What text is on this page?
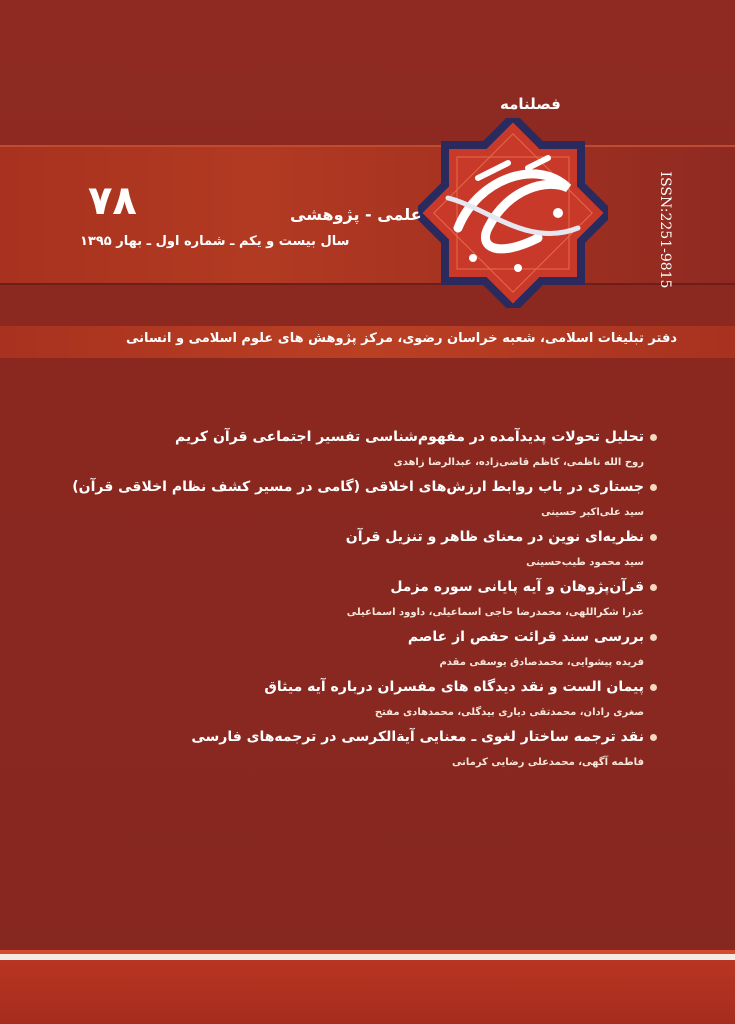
فصلنامه
علمی - پژوهشی
۷۸
سال بیست و یکم ـ شماره اول ـ بهار ۱۳۹۵	ISSN:2251-9815
دفتر تبلیغات اسلامی، شعبه خراسان رضوی، مرکز پژوهش های علوم اسلامی و انسانی
تحلیل تحولات پدیدآمده در مفهوم‌شناسی تفسیر اجتماعی قرآن کریم
روح الله ناظمی، کاظم قاضی‌زاده، عبدالرضا زاهدی
جستاری در باب روابط ارزش‌های اخلاقی (گامی در مسیر کشف نظام اخلاقی قرآن)
سید علی‌اکبر حسینی
نظریه‌ای نوین در معنای ظاهر و تنزیل قرآن
سید محمود طیب‌حسینی
قرآن‌پژوهان و آیه پایانی سوره مزمل
عذرا شکراللهی، محمدرضا حاجی اسماعیلی، داوود اسماعیلی
بررسی سند قرائت حفص از عاصم
فریده پیشوایی، محمدصادق یوسفی مقدم
پیمان الست و نقد دیدگاه های مفسران درباره آیه میثاق
صغری رادان، محمدتقی دیاری بیدگلی، محمدهادی مفتح
نقد ترجمه ساختار لغوی ـ معنایی آیة‌الکرسی در ترجمه‌های فارسی
فاطمه آگهی، محمدعلی رضایی کرمانی
